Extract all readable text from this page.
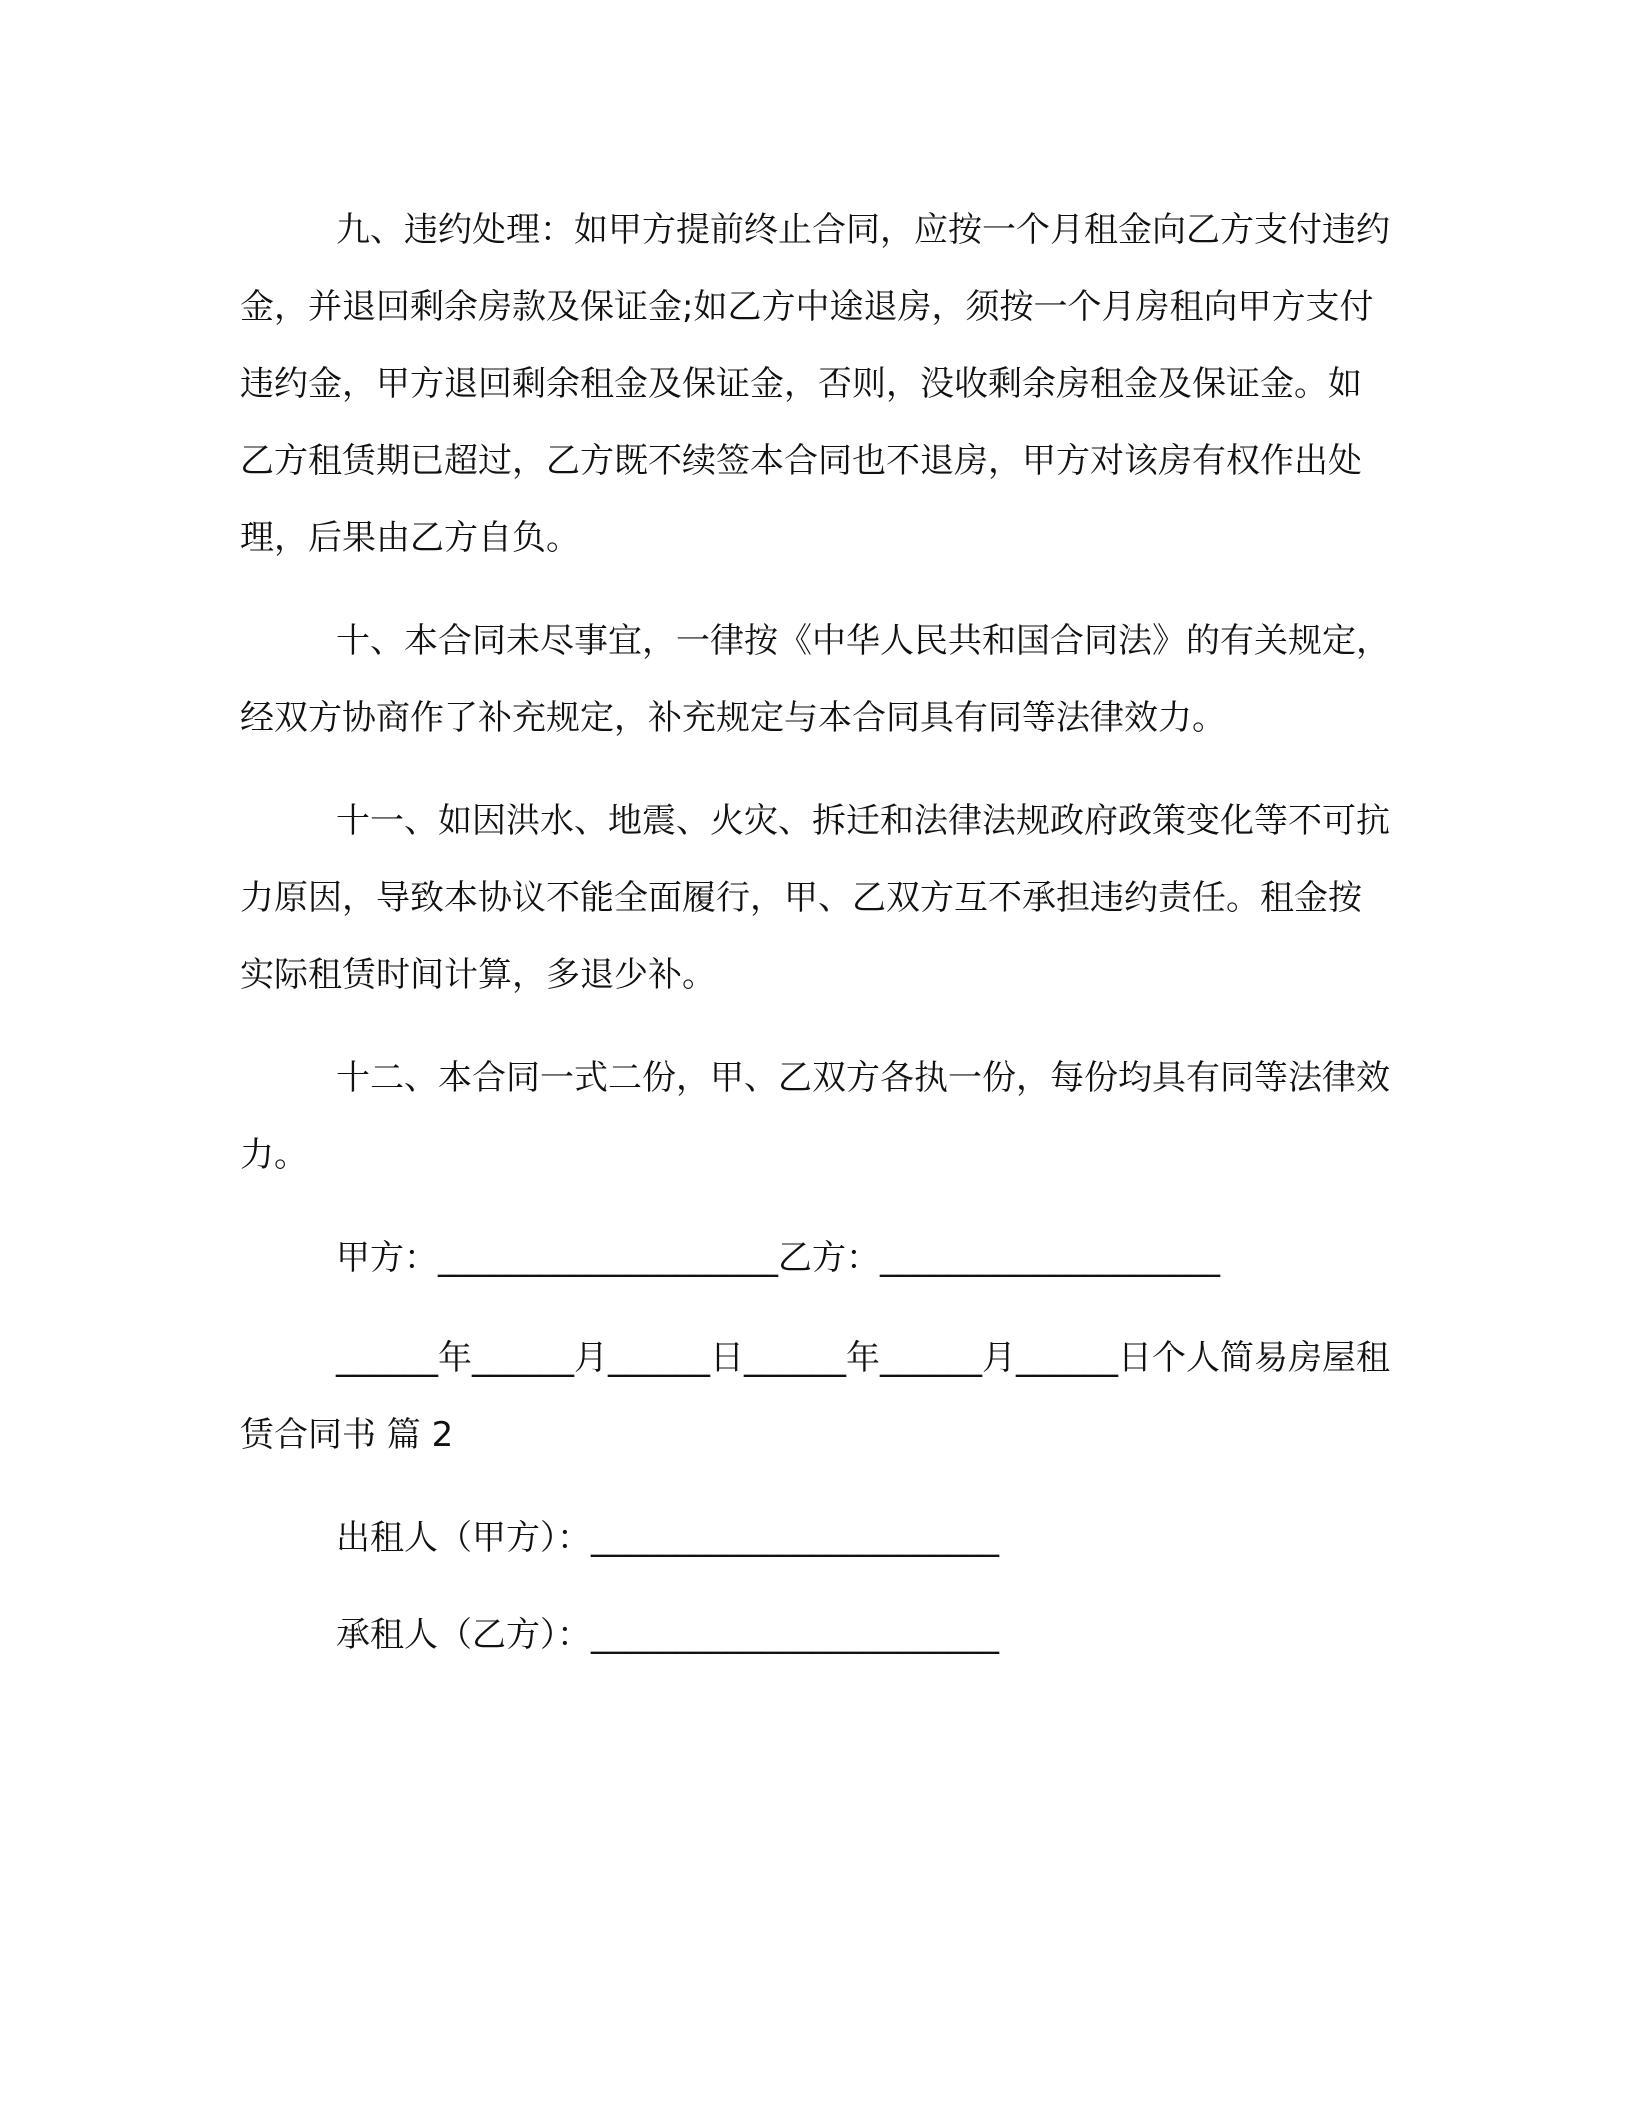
九、违约处理：如甲方提前终止合同，应按一个月租金向乙方支付违约金，并退回剩余房款及保证金;如乙方中途退房，须按一个月房租向甲方支付违约金，甲方退回剩余租金及保证金，否则，没收剩余房租金及保证金。如乙方租赁期已超过，乙方既不续签本合同也不退房，甲方对该房有权作出处理，后果由乙方自负。

十、本合同未尽事宜，一律按《中华人民共和国合同法》的有关规定，经双方协商作了补充规定，补充规定与本合同具有同等法律效力。

十一、如因洪水、地震、火灾、拆迁和法律法规政府政策变化等不可抗力原因，导致本协议不能全面履行，甲、乙双方互不承担违约责任。租金按实际租赁时间计算，多退少补。

十二、本合同一式二份，甲、乙双方各执一份，每份均具有同等法律效力。

甲方：____________________乙方：____________________

______年______月______日______年______月______日个人简易房屋租赁合同书 篇 2

出租人（甲方）：________________________

承租人（乙方）：________________________
